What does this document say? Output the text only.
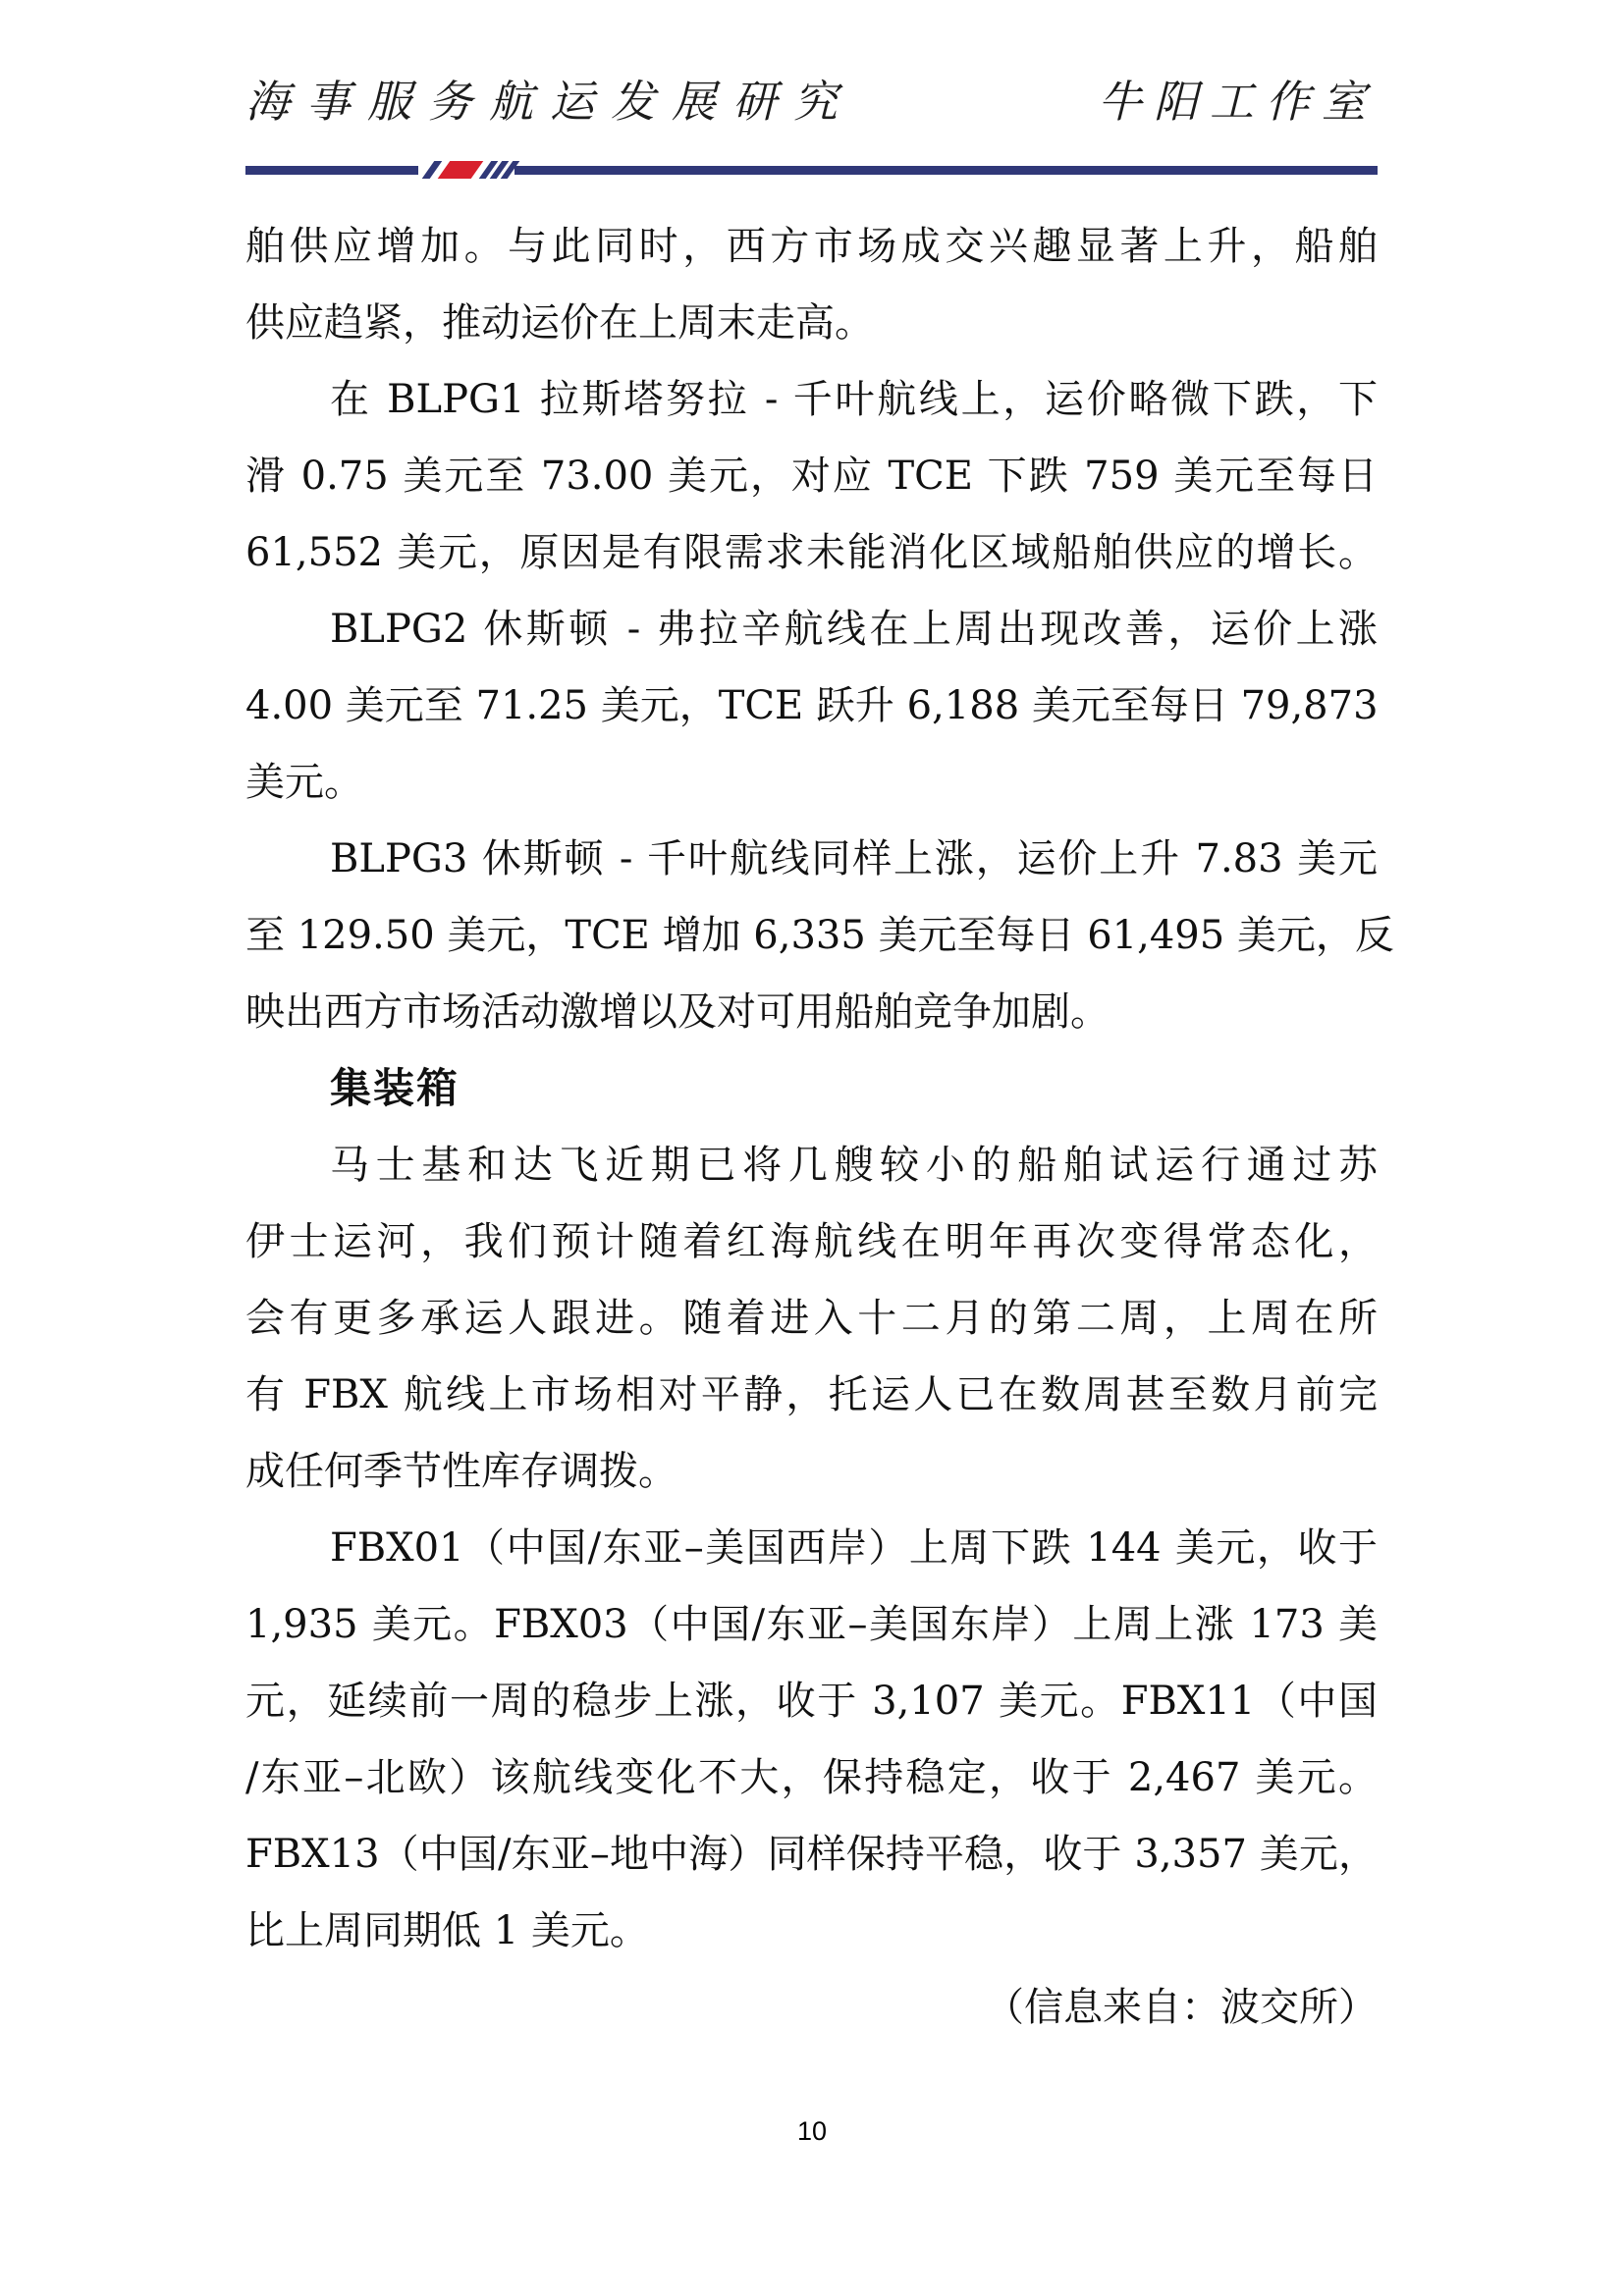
海事服务航运发展研究	牛阳工作室
舶供应增加。与此同时，西方市场成交兴趣显著上升，船舶
供应趋紧，推动运价在上周末走高。
在 BLPG1 拉斯塔努拉 - 千叶航线上，运价略微下跌，下
滑 0.75 美元至 73.00 美元，对应 TCE 下跌 759 美元至每日
61,552 美元，原因是有限需求未能消化区域船舶供应的增长。
BLPG2 休斯顿 - 弗拉辛航线在上周出现改善，运价上涨
4.00 美元至 71.25 美元，TCE 跃升 6,188 美元至每日 79,873
美元。
BLPG3 休斯顿 - 千叶航线同样上涨，运价上升 7.83 美元
至 129.50 美元，TCE 增加 6,335 美元至每日 61,495 美元，反
映出西方市场活动激增以及对可用船舶竞争加剧。
集装箱
马士基和达飞近期已将几艘较小的船舶试运行通过苏
伊士运河，我们预计随着红海航线在明年再次变得常态化，
会有更多承运人跟进。随着进入十二月的第二周，上周在所
有 FBX 航线上市场相对平静，托运人已在数周甚至数月前完
成任何季节性库存调拨。
FBX01（中国/东亚–美国西岸）上周下跌 144 美元，收于
1,935 美元。FBX03（中国/东亚–美国东岸）上周上涨 173 美
元，延续前一周的稳步上涨，收于 3,107 美元。FBX11（中国
/东亚–北欧）该航线变化不大，保持稳定，收于 2,467 美元。
FBX13（中国/东亚–地中海）同样保持平稳，收于 3,357 美元，
比上周同期低 1 美元。
（信息来自：波交所）
10
